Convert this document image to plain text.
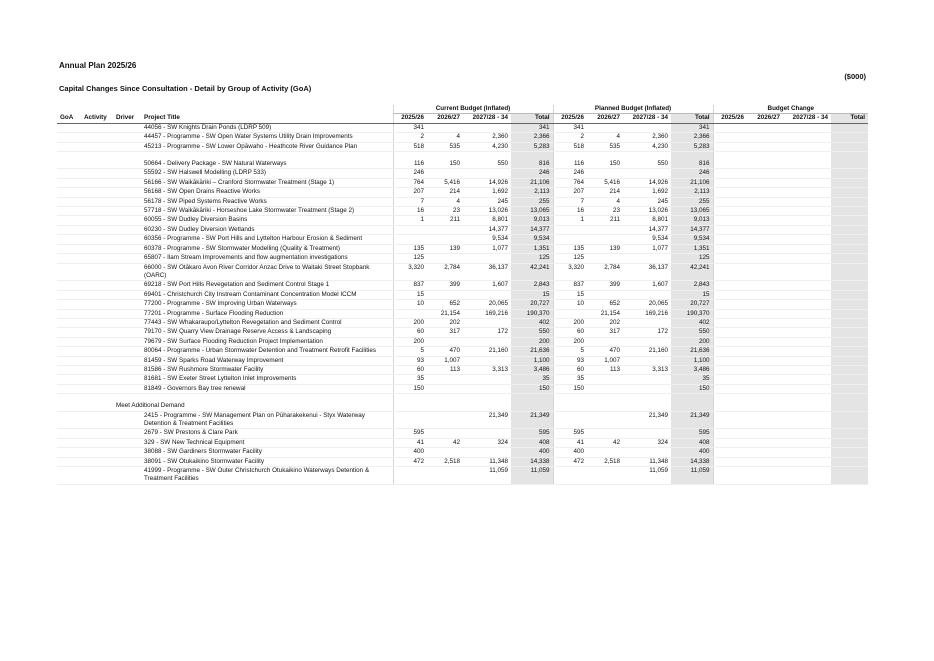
Annual Plan 2025/26
($000)
Capital Changes Since Consultation - Detail by Group of Activity (GoA)
				Current Budget (Inflated)				Planned Budget (Inflated)				Budget Change			
GoA	Activity	Driver	Project Title	2025/26	2026/27	2027/28 - 34	Total	2025/26	2026/27	2027/28 - 34	Total	2025/26	2026/27	2027/28 - 34	Total
			44056 - SW Knights Drain Ponds (LDRP 509)	341			341	341			341				
			44457 - Programme - SW Open Water Systems Utility Drain Improvements	2	4	2,360	2,366	2	4	2,360	2,366				
			45213 - Programme - SW Lower Ōpāwaho - Heathcote River Guidance Plan	518	535	4,230	5,283	518	535	4,230	5,283				

			50664 - Delivery Package - SW Natural Waterways	116	150	550	816	116	150	550	816				
			55592 - SW Halswell Modelling (LDRP 533)	246			246	246			246				
			56166 - SW Waikākāriki – Cranford Stormwater Treatment (Stage 1)	764	5,416	14,926	21,106	764	5,416	14,926	21,106				
			56168 - SW Open Drains Reactive Works	207	214	1,692	2,113	207	214	1,692	2,113				
			56178 - SW Piped Systems Reactive Works	7	4	245	255	7	4	245	255				
			57718 - SW Waikākāriki - Horseshoe Lake Stormwater Treatment (Stage 2)	16	23	13,026	13,065	16	23	13,026	13,065				
			60055 - SW Dudley Diversion Basins	1	211	8,801	9,013	1	211	8,801	9,013				
			60230 - SW Dudley Diversion Wetlands			14,377	14,377			14,377	14,377				
			60356 - Programme - SW Port Hills and Lyttelton Harbour Erosion & Sediment			9,534	9,534			9,534	9,534				
			60378 - Programme - SW Stormwater Modelling (Quality & Treatment)	135	139	1,077	1,351	135	139	1,077	1,351				
			65807 - Ilam Stream Improvements and flow augmentation investigations	125			125	125			125				
			66000 - SW Ōtākaro Avon River Corridor Anzac Drive to Waitaki Street Stopbank (OARC)	3,320	2,784	36,137	42,241	3,320	2,784	36,137	42,241				
			69218 - SW Port Hills Revegetation and Sediment Control Stage 1	837	399	1,607	2,843	837	399	1,607	2,843				
			69401 - Christchurch City Instream Contaminant Concentration Model ICCM	15			15	15			15				
			77200 - Programme - SW Improving Urban Waterways	10	652	20,065	20,727	10	652	20,065	20,727				
			77201 - Programme - Surface Flooding Reduction		21,154	169,216	190,370		21,154	169,216	190,370				
			77443 - SW Whakaraupo/Lyttelton Revegetation and Sediment Control	200	202		402	200	202		402				
			79170 - SW Quarry View Drainage Reserve Access & Landscaping	60	317	172	550	60	317	172	550				
			79679 - SW Surface Flooding Reduction Project Implementation	200			200	200			200				
			80064 - Programme - Urban Stormwater Detention and Treatment Retrofit Facilities	5	470	21,160	21,636	5	470	21,160	21,636				
			81459 - SW Sparks Road Waterway Improvement	93	1,007		1,100	93	1,007		1,100				
			81586 - SW Rushmore Stormwater Facility	60	113	3,313	3,486	60	113	3,313	3,486				
			81681 - SW Exeter Street Lyttelton Inlet Improvements	35			35	35			35				
			81849 - Governors Bay tree renewal	150			150	150			150				

		Meet Additional Demand													
			2415 - Programme - SW Management Plan on Pūharakekenui - Styx Waterway Detention & Treatment Facilities			21,349	21,349			21,349	21,349				
			2679 - SW Prestons & Clare Park	595			595	595			595				
			329 - SW New Technical Equipment	41	42	324	408	41	42	324	408				
			38088 - SW Gardiners Stormwater Facility	400			400	400			400				
			38091 - SW Otukaikino Stormwater Facility	472	2,518	11,348	14,338	472	2,518	11,348	14,338				
			41999 - Programme - SW Outer Christchurch Ōtukaikino Waterways Detention & Treatment Facilities			11,059	11,059			11,059	11,059				
